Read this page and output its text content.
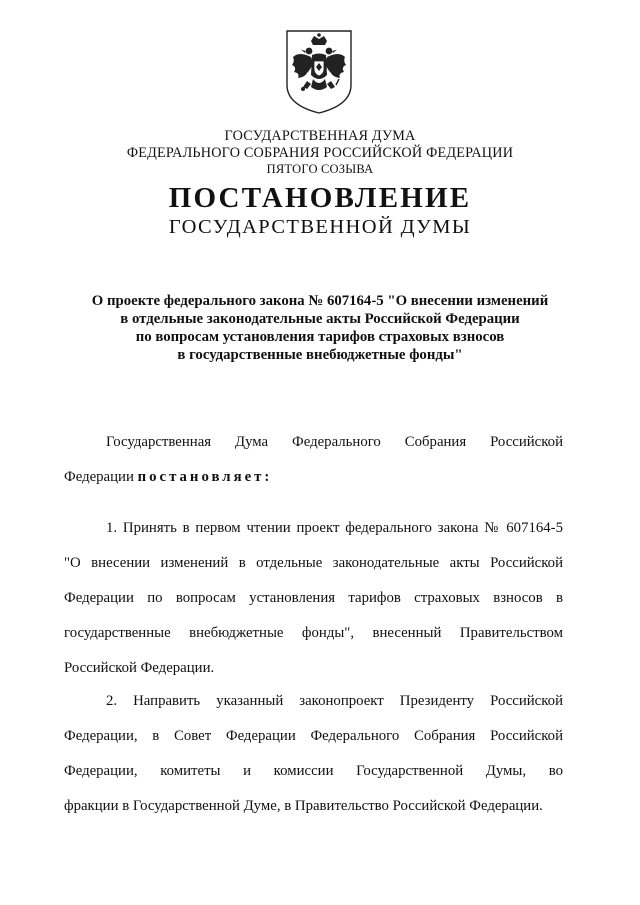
ГОСУДАРСТВЕННАЯ ДУМА
ФЕДЕРАЛЬНОГО СОБРАНИЯ РОССИЙСКОЙ ФЕДЕРАЦИИ
ПЯТОГО СОЗЫВА
ПОСТАНОВЛЕНИЕ
ГОСУДАРСТВЕННОЙ ДУМЫ
О проекте федерального закона № 607164-5 "О внесении изменений
в отдельные законодательные акты Российской Федерации
по вопросам установления тарифов страховых взносов
в государственные внебюджетные фонды"
Государственная Дума Федерального Собрания Российской
Федерации постановляет:
1. Принять в первом чтении проект федерального закона № 607164-5
"О внесении изменений в отдельные законодательные акты Российской
Федерации по вопросам установления тарифов страховых взносов в
государственные внебюджетные фонды", внесенный Правительством
Российской Федерации.
2. Направить указанный законопроект Президенту Российской
Федерации, в Совет Федерации Федерального Собрания Российской
Федерации, комитеты и комиссии Государственной Думы, во
фракции в Государственной Думе, в Правительство Российской Федерации.
